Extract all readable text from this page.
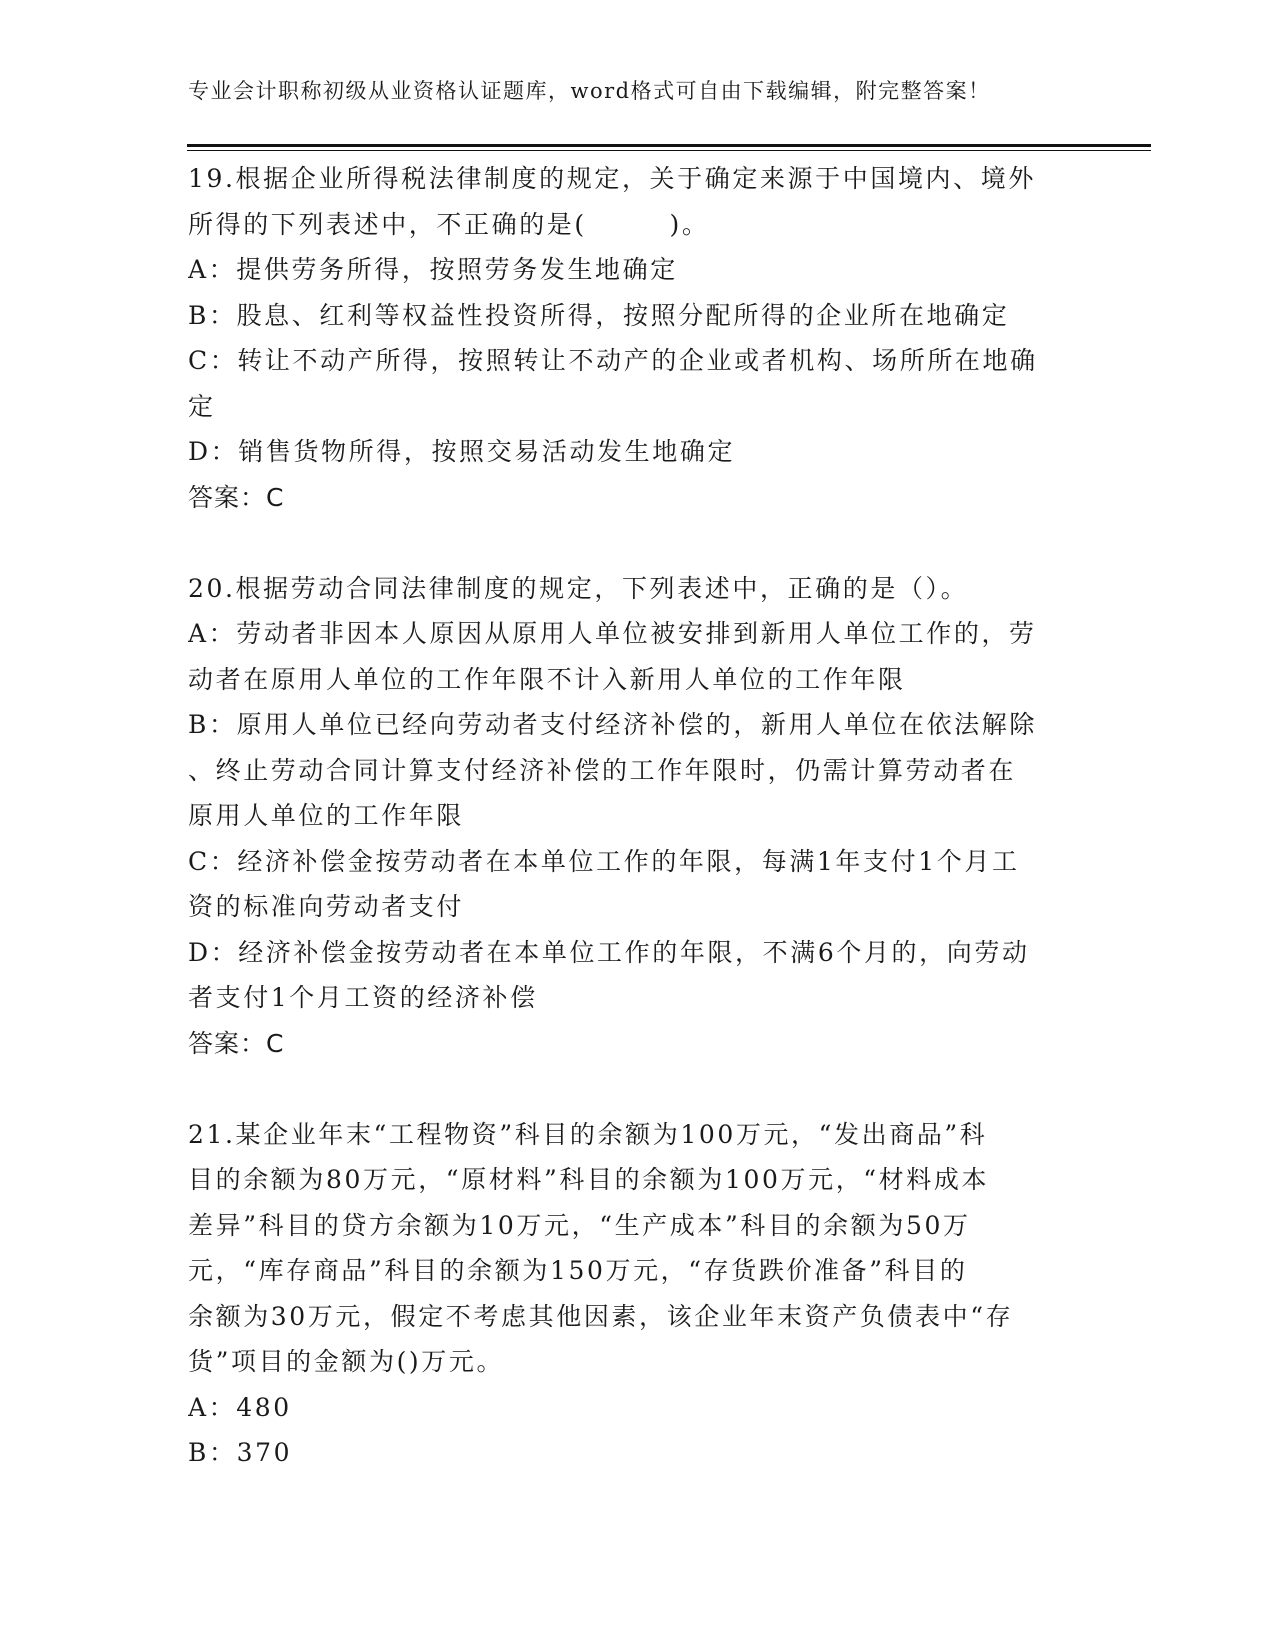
专业会计职称初级从业资格认证题库，word格式可自由下载编辑，附完整答案！
19.根据企业所得税法律制度的规定，关于确定来源于中国境内、境外
所得的下列表述中，不正确的是(　　　)。
A：提供劳务所得，按照劳务发生地确定
B：股息、红利等权益性投资所得，按照分配所得的企业所在地确定
C：转让不动产所得，按照转让不动产的企业或者机构、场所所在地确
定
D：销售货物所得，按照交易活动发生地确定
答案：C
20.根据劳动合同法律制度的规定，下列表述中，正确的是（）。
A：劳动者非因本人原因从原用人单位被安排到新用人单位工作的，劳
动者在原用人单位的工作年限不计入新用人单位的工作年限
B：原用人单位已经向劳动者支付经济补偿的，新用人单位在依法解除
、终止劳动合同计算支付经济补偿的工作年限时，仍需计算劳动者在
原用人单位的工作年限
C：经济补偿金按劳动者在本单位工作的年限，每满1年支付1个月工
资的标准向劳动者支付
D：经济补偿金按劳动者在本单位工作的年限，不满6个月的，向劳动
者支付1个月工资的经济补偿
答案：C
21.某企业年末“工程物资”科目的余额为100万元，“发出商品”科
目的余额为80万元，“原材料”科目的余额为100万元，“材料成本
差异”科目的贷方余额为10万元，“生产成本”科目的余额为50万
元，“库存商品”科目的余额为150万元，“存货跌价准备”科目的
余额为30万元，假定不考虑其他因素，该企业年末资产负债表中“存
货”项目的金额为()万元。
A：480
B：370
